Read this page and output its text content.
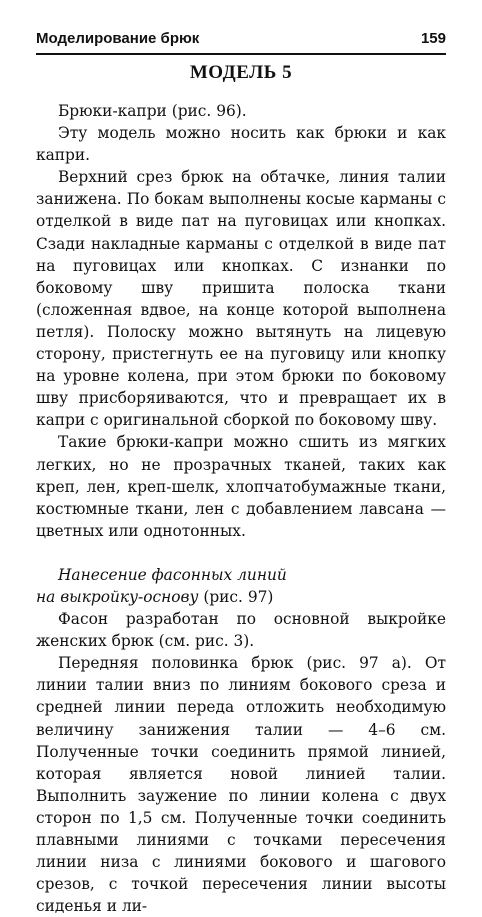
Моделирование брюк	159
МОДЕЛЬ 5

Брюки-капри (рис. 96).

Эту модель можно носить как брюки и как капри.

Верхний срез брюк на обтачке, линия талии занижена. По бокам выполнены косые карманы с отделкой в виде пат на пуговицах или кнопках. Сзади накладные карманы с отделкой в виде пат на пуговицах или кнопках. С изнанки по боковому шву пришита полоска ткани (сложенная вдвое, на конце которой выполнена петля). Полоску можно вытянуть на лицевую сторону, пристегнуть ее на пуговицу или кнопку на уровне колена, при этом брюки по боковому шву присборяиваются, что и превращает их в капри с оригинальной сборкой по боковому шву.

Такие брюки-капри можно сшить из мягких легких, но не прозрачных тканей, таких как креп, лен, креп-шелк, хлопчатобумажные ткани, костюмные ткани, лен с добавлением лавсана — цветных или однотонных.

Нанесение фасонных линий
на выкройку-основу (рис. 97)

Фасон разработан по основной выкройке женских брюк (см. рис. 3).

Передняя половинка брюк (рис. 97 а). От линии талии вниз по линиям бокового среза и средней линии переда отложить необходимую величину занижения талии — 4–6 см. Полученные точки соединить прямой линией, которая является новой линией талии. Выполнить заужение по линии колена с двух сторон по 1,5 см. Полученные точки соединить плавными линиями с точками пересечения линии низа с линиями бокового и шагового срезов, с точкой пересечения линии высоты сиденья и ли-
